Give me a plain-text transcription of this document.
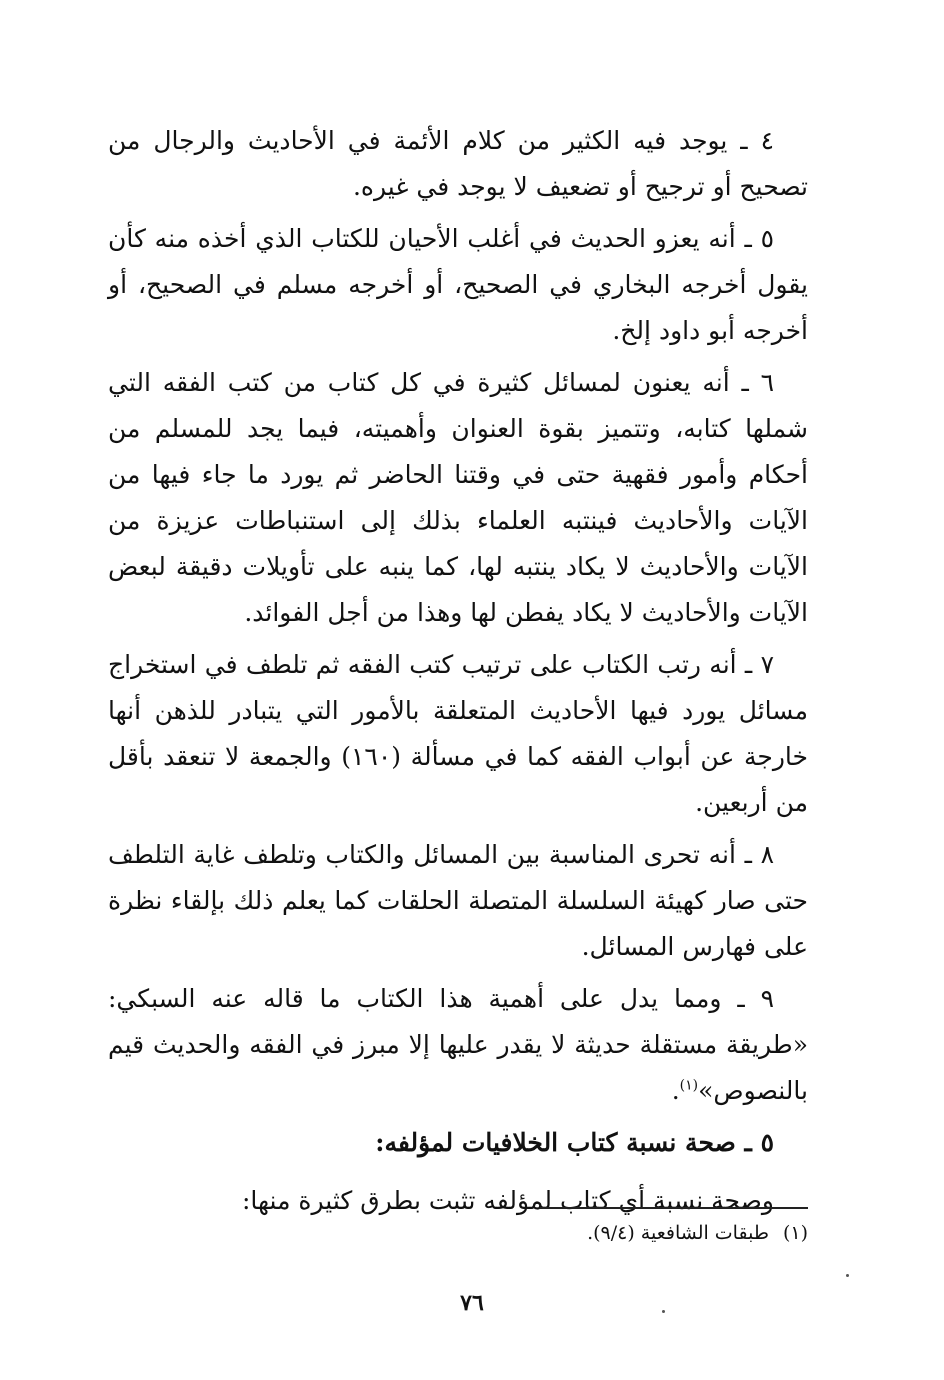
٤ ـ يوجد فيه الكثير من كلام الأئمة في الأحاديث والرجال من تصحيح أو ترجيح أو تضعيف لا يوجد في غيره.

٥ ـ أنه يعزو الحديث في أغلب الأحيان للكتاب الذي أخذه منه كأن يقول أخرجه البخاري في الصحيح، أو أخرجه مسلم في الصحيح، أو أخرجه أبو داود إلخ.

٦ ـ أنه يعنون لمسائل كثيرة في كل كتاب من كتب الفقه التي شملها كتابه، وتتميز بقوة العنوان وأهميته، فيما يجد للمسلم من أحكام وأمور فقهية حتى في وقتنا الحاضر ثم يورد ما جاء فيها من الآيات والأحاديث فينتبه العلماء بذلك إلى استنباطات عزيزة من الآيات والأحاديث لا يكاد ينتبه لها، كما ينبه على تأويلات دقيقة لبعض الآيات والأحاديث لا يكاد يفطن لها وهذا من أجل الفوائد.

٧ ـ أنه رتب الكتاب على ترتيب كتب الفقه ثم تلطف في استخراج مسائل يورد فيها الأحاديث المتعلقة بالأمور التي يتبادر للذهن أنها خارجة عن أبواب الفقه كما في مسألة (١٦٠) والجمعة لا تنعقد بأقل من أربعين.

٨ ـ أنه تحرى المناسبة بين المسائل والكتاب وتلطف غاية التلطف حتى صار كهيئة السلسلة المتصلة الحلقات كما يعلم ذلك بإلقاء نظرة على فهارس المسائل.

٩ ـ ومما يدل على أهمية هذا الكتاب ما قاله عنه السبكي: «طريقة مستقلة حديثة لا يقدر عليها إلا مبرز في الفقه والحديث قيم بالنصوص»$^{(١)}$.

٥ ـ صحة نسبة كتاب الخلافيات لمؤلفه:

وصحة نسبة أي كتاب لمؤلفه تثبت بطرق كثيرة منها:

(١)طبقات الشافعية (٩/٤).
٧٦
